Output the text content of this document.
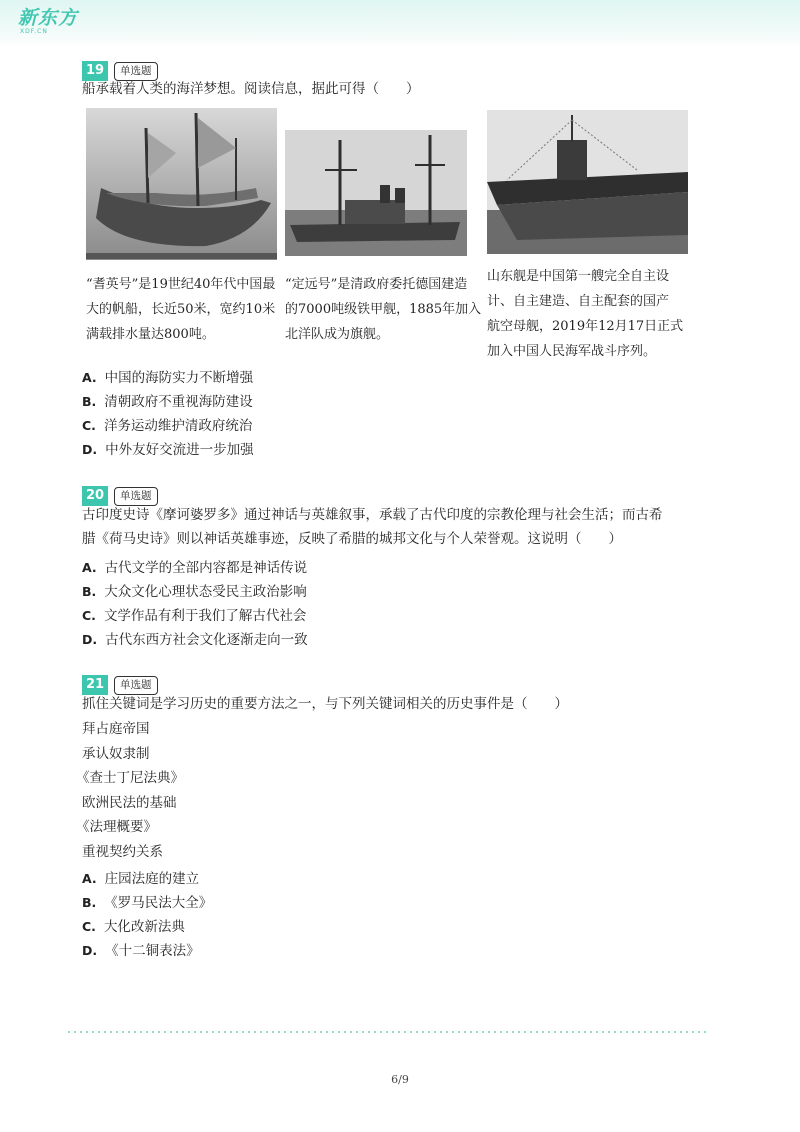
新东方
XDF.CN
19	单选题
船承载着人类的海洋梦想。阅读信息，据此可得（　　）
“耆英号”是19世纪40年代中国最
大的帆船，长近50米，宽约10米
满载排水量达800吨。
“定远号”是清政府委托德国建造
的7000吨级铁甲舰，1885年加入
北洋队成为旗舰。
山东舰是中国第一艘完全自主设
计、自主建造、自主配套的国产
航空母舰，2019年12月17日正式
加入中国人民海军战斗序列。
A. 中国的海防实力不断增强
B. 清朝政府不重视海防建设
C. 洋务运动维护清政府统治
D. 中外友好交流进一步加强
20	单选题
古印度史诗《摩诃婆罗多》通过神话与英雄叙事，承载了古代印度的宗教伦理与社会生活；而古希
腊《荷马史诗》则以神话英雄事迹，反映了希腊的城邦文化与个人荣誉观。这说明（　　）
A. 古代文学的全部内容都是神话传说
B. 大众文化心理状态受民主政治影响
C. 文学作品有利于我们了解古代社会
D. 古代东西方社会文化逐渐走向一致
21	单选题
抓住关键词是学习历史的重要方法之一，与下列关键词相关的历史事件是（　　）
拜占庭帝国
承认奴隶制
《查士丁尼法典》
欧洲民法的基础
《法理概要》
重视契约关系
A. 庄园法庭的建立
B. 《罗马民法大全》
C. 大化改新法典
D. 《十二铜表法》
6/9
